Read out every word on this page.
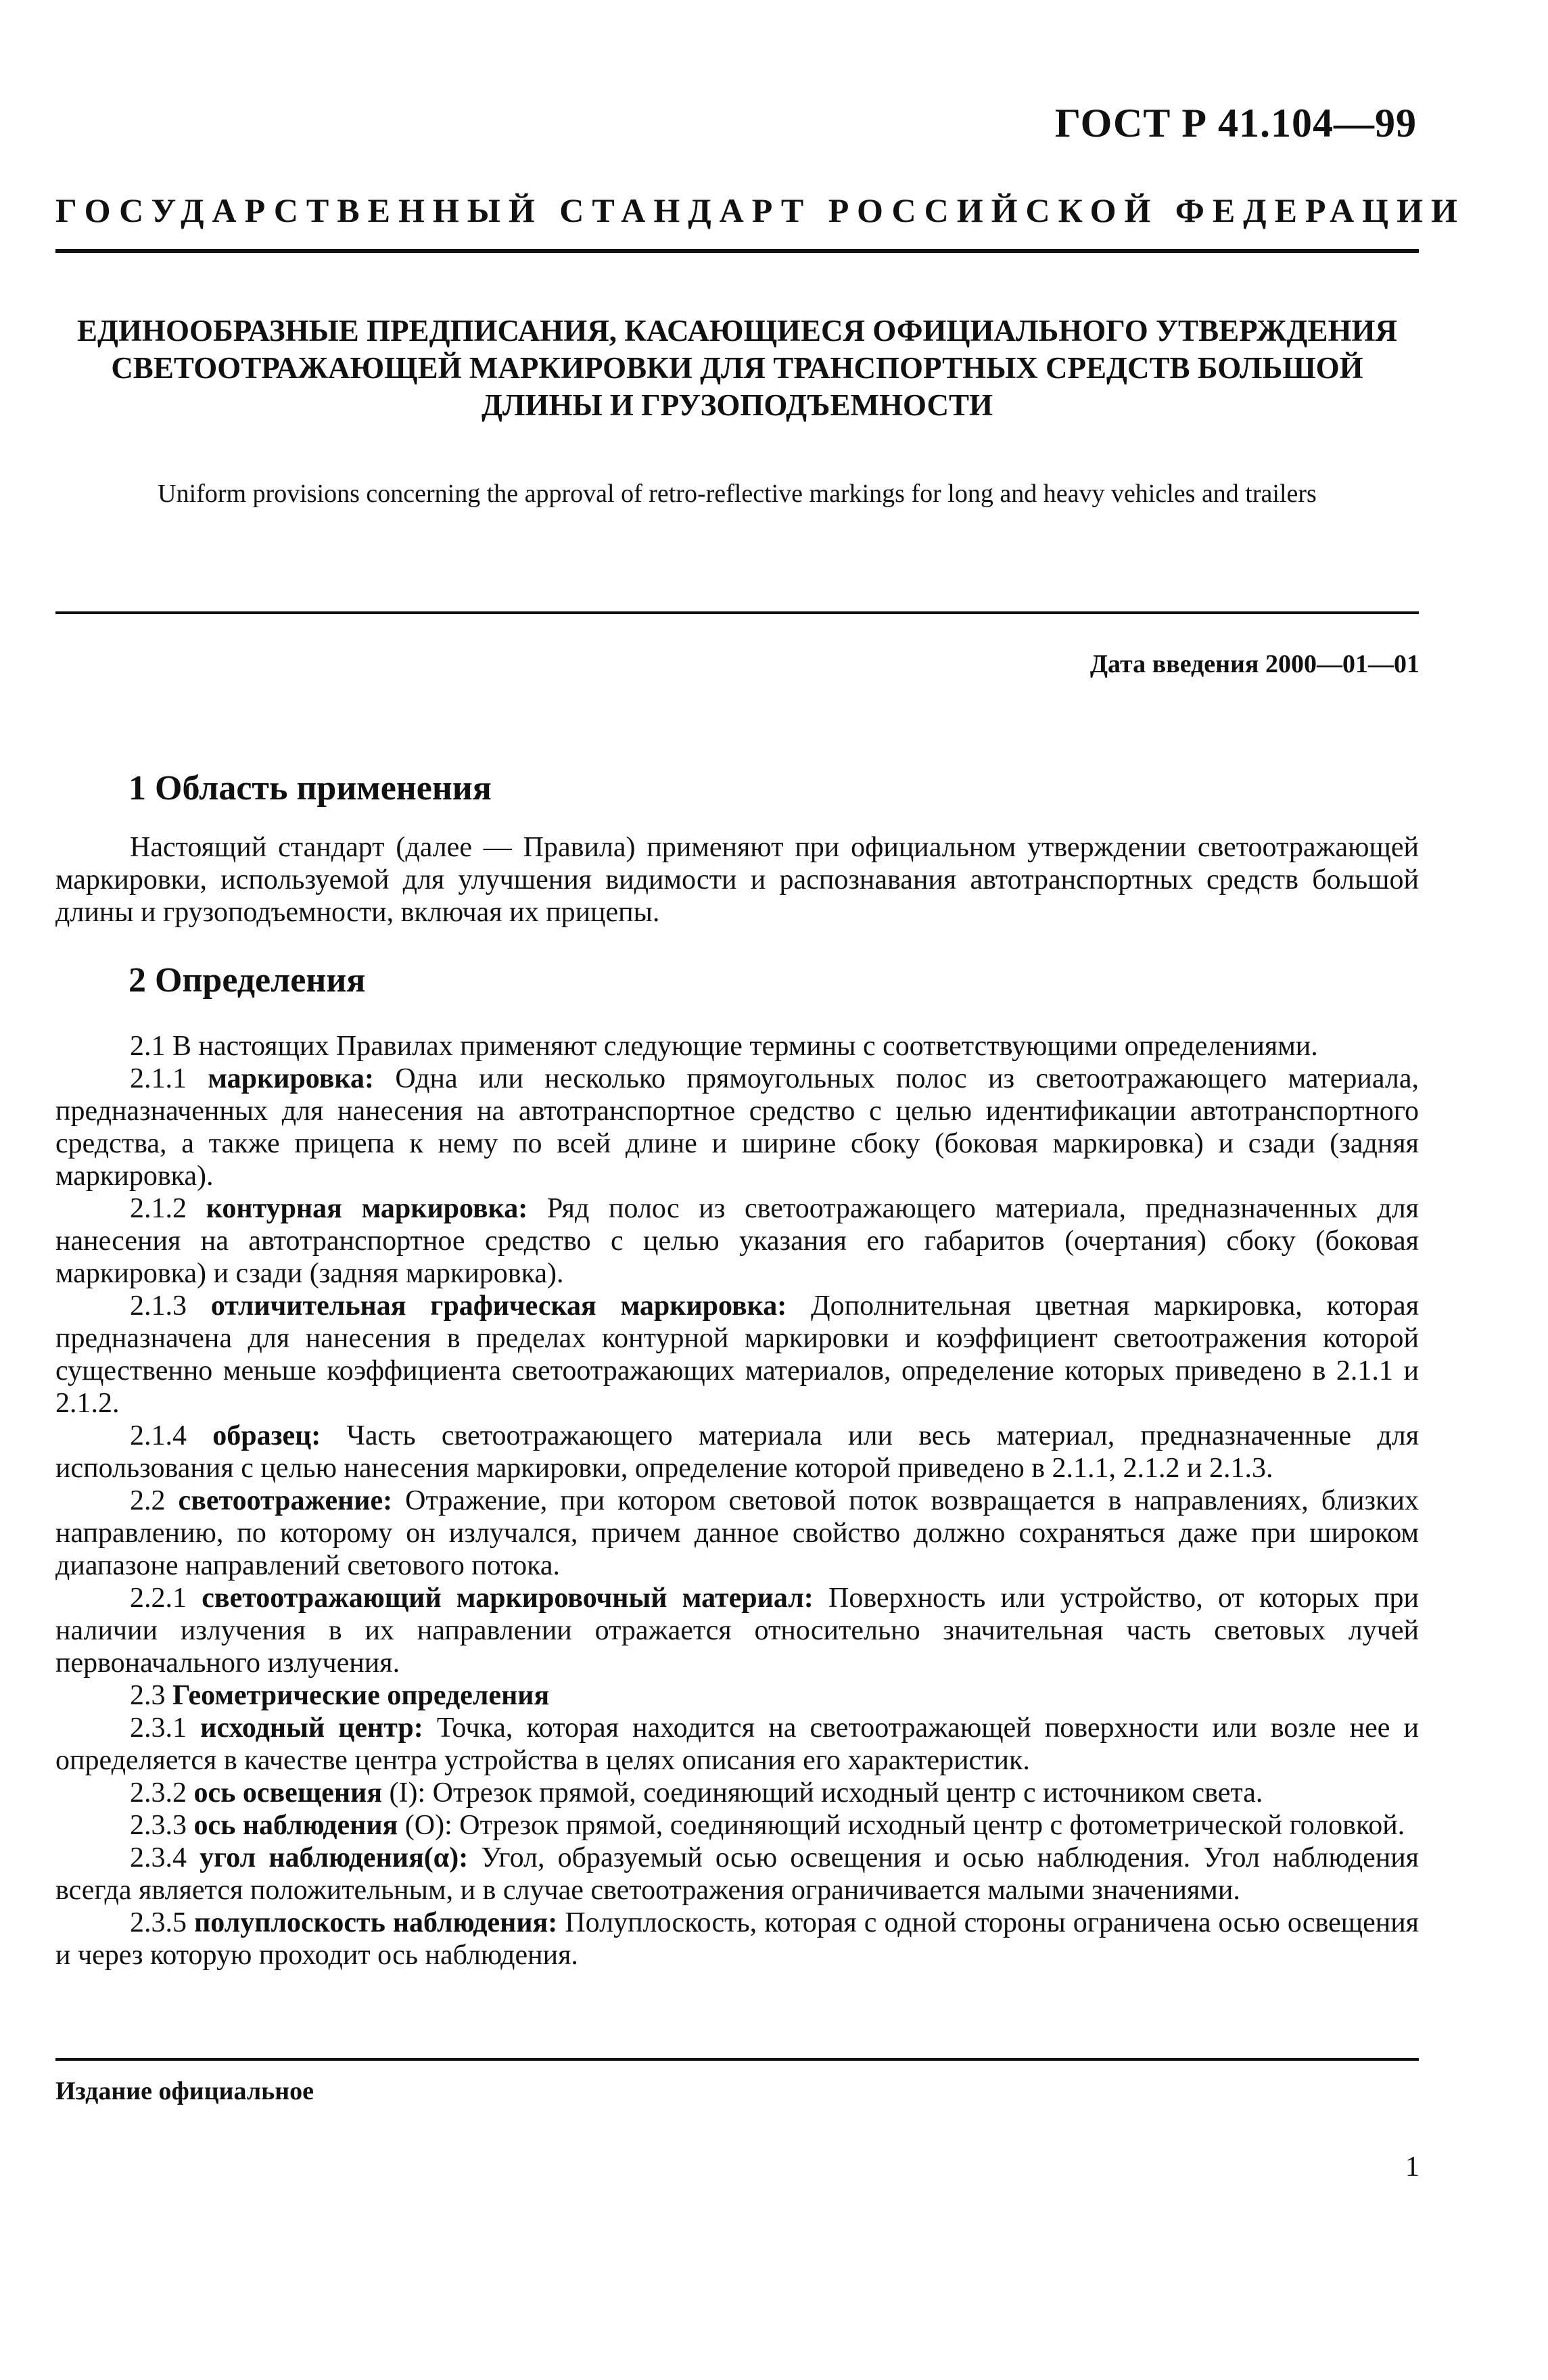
ГОСТ Р 41.104—99
ГОСУДАРСТВЕННЫЙ СТАНДАРТ РОССИЙСКОЙ ФЕДЕРАЦИИ
ЕДИНООБРАЗНЫЕ ПРЕДПИСАНИЯ, КАСАЮЩИЕСЯ ОФИЦИАЛЬНОГО УТВЕРЖДЕНИЯ
СВЕТООТРАЖАЮЩЕЙ МАРКИРОВКИ ДЛЯ ТРАНСПОРТНЫХ СРЕДСТВ БОЛЬШОЙ
ДЛИНЫ И ГРУЗОПОДЪЕМНОСТИ
Uniform provisions concerning the approval of retro-reflective markings for long and heavy vehicles and trailers
Дата введения 2000—01—01
1 Область применения

Настоящий стандарт (далее — Правила) применяют при официальном утверждении светоотражающей маркировки, используемой для улучшения видимости и распознавания автотранспортных средств большой длины и грузоподъемности, включая их прицепы.

2 Определения

2.1 В настоящих Правилах применяют следующие термины с соответствующими определениями.

2.1.1 маркировка: Одна или несколько прямоугольных полос из светоотражающего материала, предназначенных для нанесения на автотранспортное средство с целью идентификации автотранспортного средства, а также прицепа к нему по всей длине и ширине сбоку (боковая маркировка) и сзади (задняя маркировка).

2.1.2 контурная маркировка: Ряд полос из светоотражающего материала, предназначенных для нанесения на автотранспортное средство с целью указания его габаритов (очертания) сбоку (боковая маркировка) и сзади (задняя маркировка).

2.1.3 отличительная графическая маркировка: Дополнительная цветная маркировка, которая предназначена для нанесения в пределах контурной маркировки и коэффициент светоотражения которой существенно меньше коэффициента светоотражающих материалов, определение которых приведено в 2.1.1 и 2.1.2.

2.1.4 образец: Часть светоотражающего материала или весь материал, предназначенные для использования с целью нанесения маркировки, определение которой приведено в 2.1.1, 2.1.2 и 2.1.3.

2.2 светоотражение: Отражение, при котором световой поток возвращается в направлениях, близких направлению, по которому он излучался, причем данное свойство должно сохраняться даже при широком диапазоне направлений светового потока.

2.2.1 светоотражающий маркировочный материал: Поверхность или устройство, от которых при наличии излучения в их направлении отражается относительно значительная часть световых лучей первоначального излучения.

2.3 Геометрические определения

2.3.1 исходный центр: Точка, которая находится на светоотражающей поверхности или возле нее и определяется в качестве центра устройства в целях описания его характеристик.

2.3.2 ось освещения (I): Отрезок прямой, соединяющий исходный центр с источником света.

2.3.3 ось наблюдения (O): Отрезок прямой, соединяющий исходный центр с фотометрической головкой.

2.3.4 угол наблюдения(α): Угол, образуемый осью освещения и осью наблюдения. Угол наблюдения всегда является положительным, и в случае светоотражения ограничивается малыми значениями.

2.3.5 полуплоскость наблюдения: Полуплоскость, которая с одной стороны ограничена осью освещения и через которую проходит ось наблюдения.

Издание официальное
1
